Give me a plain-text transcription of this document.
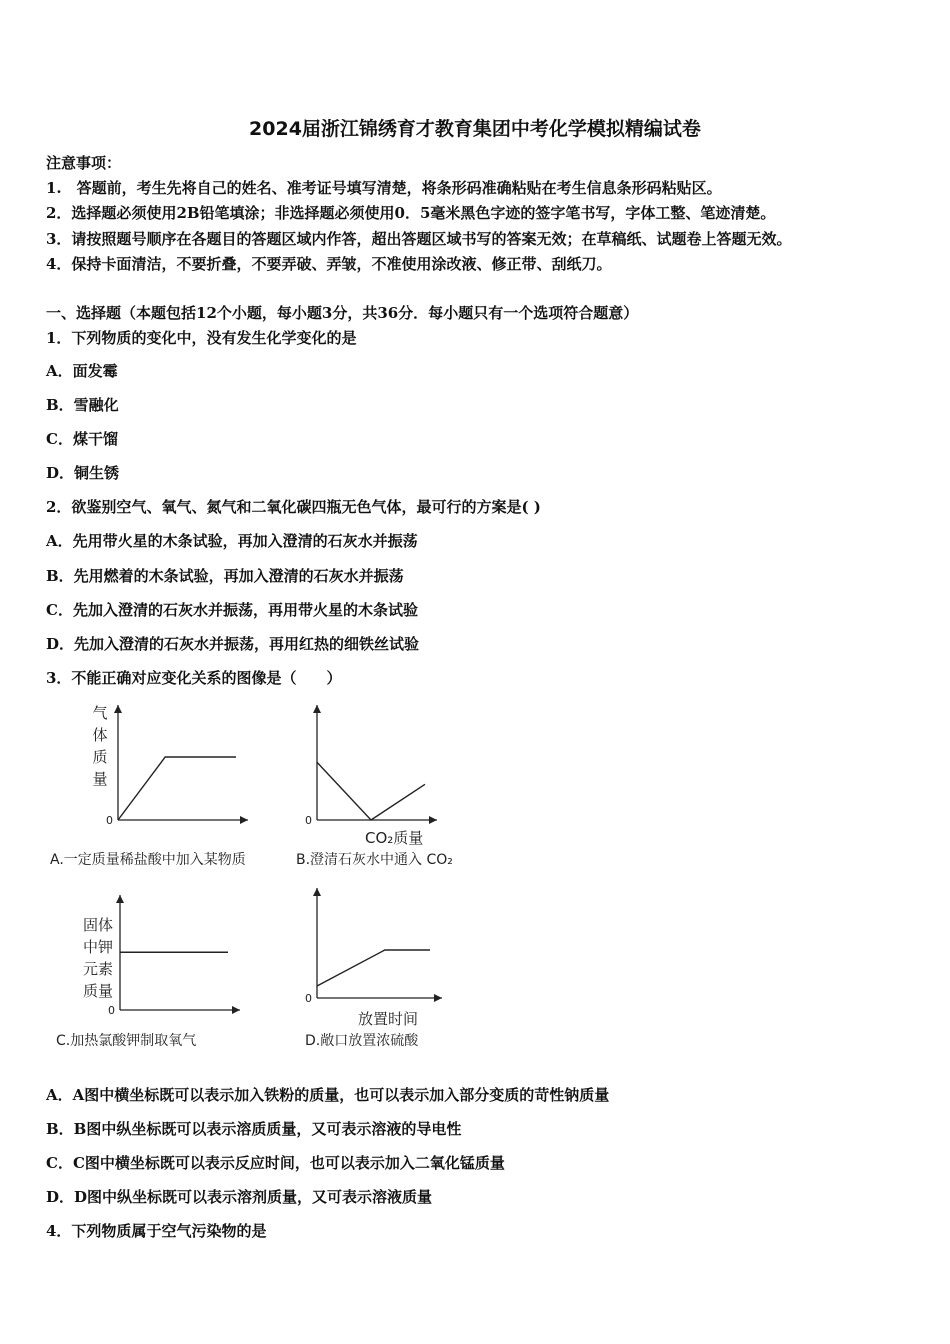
2024届浙江锦绣育才教育集团中考化学模拟精编试卷
注意事项：
1.　答题前，考生先将自己的姓名、准考证号填写清楚，将条形码准确粘贴在考生信息条形码粘贴区。
2．选择题必须使用2B铅笔填涂；非选择题必须使用0．5毫米黑色字迹的签字笔书写，字体工整、笔迹清楚。
3．请按照题号顺序在各题目的答题区域内作答，超出答题区域书写的答案无效；在草稿纸、试题卷上答题无效。
4．保持卡面清洁，不要折叠，不要弄破、弄皱，不准使用涂改液、修正带、刮纸刀。
一、选择题（本题包括12个小题，每小题3分，共36分．每小题只有一个选项符合题意）
1．下列物质的变化中，没有发生化学变化的是
A．面发霉
B．雪融化
C．煤干馏
D．铜生锈
2．欲鉴别空气、氧气、氮气和二氧化碳四瓶无色气体，最可行的方案是( )
A．先用带火星的木条试验，再加入澄清的石灰水并振荡
B．先用燃着的木条试验，再加入澄清的石灰水并振荡
C．先加入澄清的石灰水并振荡，再用带火星的木条试验
D．先加入澄清的石灰水并振荡，再用红热的细铁丝试验
3．不能正确对应变化关系的图像是（　　）
0
气
体
质
量
A.一定质量稀盐酸中加入某物质
0
CO₂质量
B.澄清石灰水中通入 CO₂
0
固体
中钾
元素
质量
C.加热氯酸钾制取氧气
0
放置时间
D.敞口放置浓硫酸
A．A图中横坐标既可以表示加入铁粉的质量，也可以表示加入部分变质的苛性钠质量
B．B图中纵坐标既可以表示溶质质量，又可表示溶液的导电性
C．C图中横坐标既可以表示反应时间，也可以表示加入二氧化锰质量
D．D图中纵坐标既可以表示溶剂质量，又可表示溶液质量
4．下列物质属于空气污染物的是
